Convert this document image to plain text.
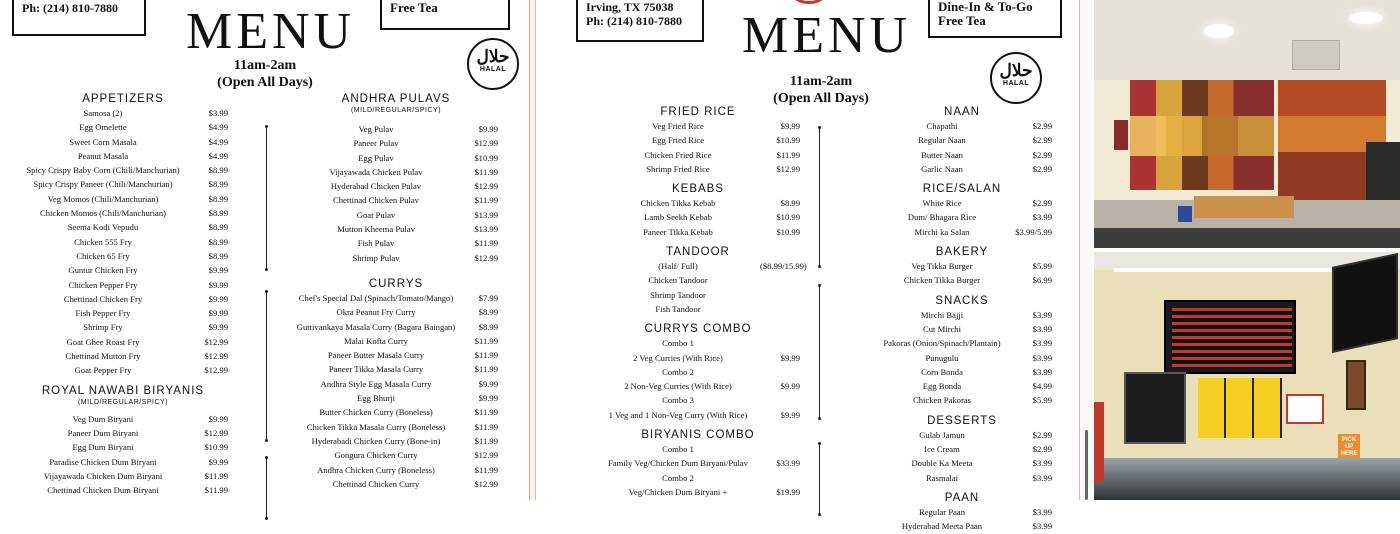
Ph: (214) 810-7880	Free Tea
MENU
11am-2am
(Open All Days)
حلال
HALAL
APPETIZERS
Samosa (2)	$3.99
Egg Omelette	$4.99
Sweet Corn Masala	$4.99
Peanut Masala	$4.99
Spicy Crispy Baby Corn (Chili/Manchurian)	$8.99
Spicy Crispy Paneer (Chili/Manchurian)	$8.99
Veg Momos (Chili/Manchurian)	$8.99
Chicken Momos (Chili/Manchurian)	$8.99
Seema Kodi Vepudu	$8.99
Chicken 555 Fry	$8.99
Chicken 65 Fry	$8.99
Guntur Chicken Fry	$9.99
Chicken Pepper Fry	$9.99
Chettinad Chicken Fry	$9.99
Fish Pepper Fry	$9.99
Shrimp Fry	$9.99
Goat Ghee Roast Fry	$12.99
Chettinad Mutton Fry	$12.99
Goat Pepper Fry	$12.99
ROYAL NAWABI BIRYANIS
(MILD/REGULAR/SPICY)
Veg Dum Biryani	$9.99
Paneer Dum Biryani	$12.99
Egg Dum Biryani	$10.99
Paradise Chicken Dum Biryani	$9.99
Vijayawada Chicken Dum Biryani	$11.99
Chettinad Chicken Dum Biryani	$11.99
ANDHRA PULAVS
(MILD/REGULAR/SPICY)
Veg Pulav	$9.99
Paneer Pulav	$12.99
Egg Pulav	$10.99
Vijayawada Chicken Pulav	$11.99
Hyderabad Chicken Pulav	$12.99
Chettinad Chicken Pulav	$11.99
Goat Pulav	$13.99
Mutton Kheema Pulav	$13.99
Fish Pulav	$11.99
Shrimp Pulav	$12.99
CURRYS
Chef's Special Dal (Spinach/Tomato/Mango)	$7.99
Okra Peanut Fry Curry	$8.99
Guttivankaya Masala Curry (Bagara Baingan)	$8.99
Malai Kofta Curry	$11.99
Paneer Butter Masala Curry	$11.99
Paneer Tikka Masala Curry	$11.99
Andhra Style Egg Masala Curry	$9.99
Egg Bhurji	$9.99
Butter Chicken Curry (Boneless)	$11.99
Chicken Tikka Masala Curry (Boneless)	$11.99
Hyderabadi Chicken Curry (Bone-in)	$11.99
Gongura Chicken Curry	$12.99
Andhra Chicken Curry (Boneless)	$11.99
Chettinad Chicken Curry	$12.99
Irving, TX 75038
Ph: (214) 810-7880
Dine-In & To-Go
Free Tea
MENU
11am-2am
(Open All Days)
حلال
HALAL
FRIED RICE
Veg Fried Rice	$9.99
Egg Fried Rice	$10.99
Chicken Fried Rice	$11.99
Shrimp Fried Rice	$12.99
KEBABS
Chicken Tikka Kebab	$8.99
Lamb Seekh Kebab	$10.99
Paneer Tikka Kebab	$10.99
TANDOOR
(Half/ Full)	($8.99/15.99)
Chicken Tandoor
Shrimp Tandoor
Fish Tandoor
CURRYS COMBO
Combo 1
2 Veg Curries (With Rice)	$9.99
Combo 2
2 Non-Veg Curries (With Rice)	$9.99
Combo 3
1 Veg and 1 Non-Veg Curry (With Rice)	$9.99
BIRYANIS COMBO
Combo 1
Family Veg/Chicken Dum Biryani/Pulav	$33.99
Combo 2
Veg/Chicken Dum Biryani +	$19.99
NAAN
Chapathi	$2.99
Regular Naan	$2.99
Butter Naan	$2.99
Garlic Naan	$2.99
RICE/SALAN
White Rice	$2.99
Dum/ Bhagara Rice	$3.99
Mirchi ka Salan	$3.99/5.99
BAKERY
Veg Tikka Burger	$5.99
Chicken Tikka Burger	$6.99
SNACKS
Mirchi Bajji	$3.99
Cut Mirchi	$3.99
Pakoras (Onion/Spinach/Plantain)	$3.99
Punugulu	$3.99
Corn Bonda	$3.99
Egg Bonda	$4.99
Chicken Pakoras	$5.99
DESSERTS
Gulab Jamun	$2.99
Ice Cream	$2.99
Double Ka Meeta	$3.99
Rasmalai	$3.99
PAAN
Regular Paan	$3.99
Hyderabad Meeta Paan	$3.99
PICK UP HERE
